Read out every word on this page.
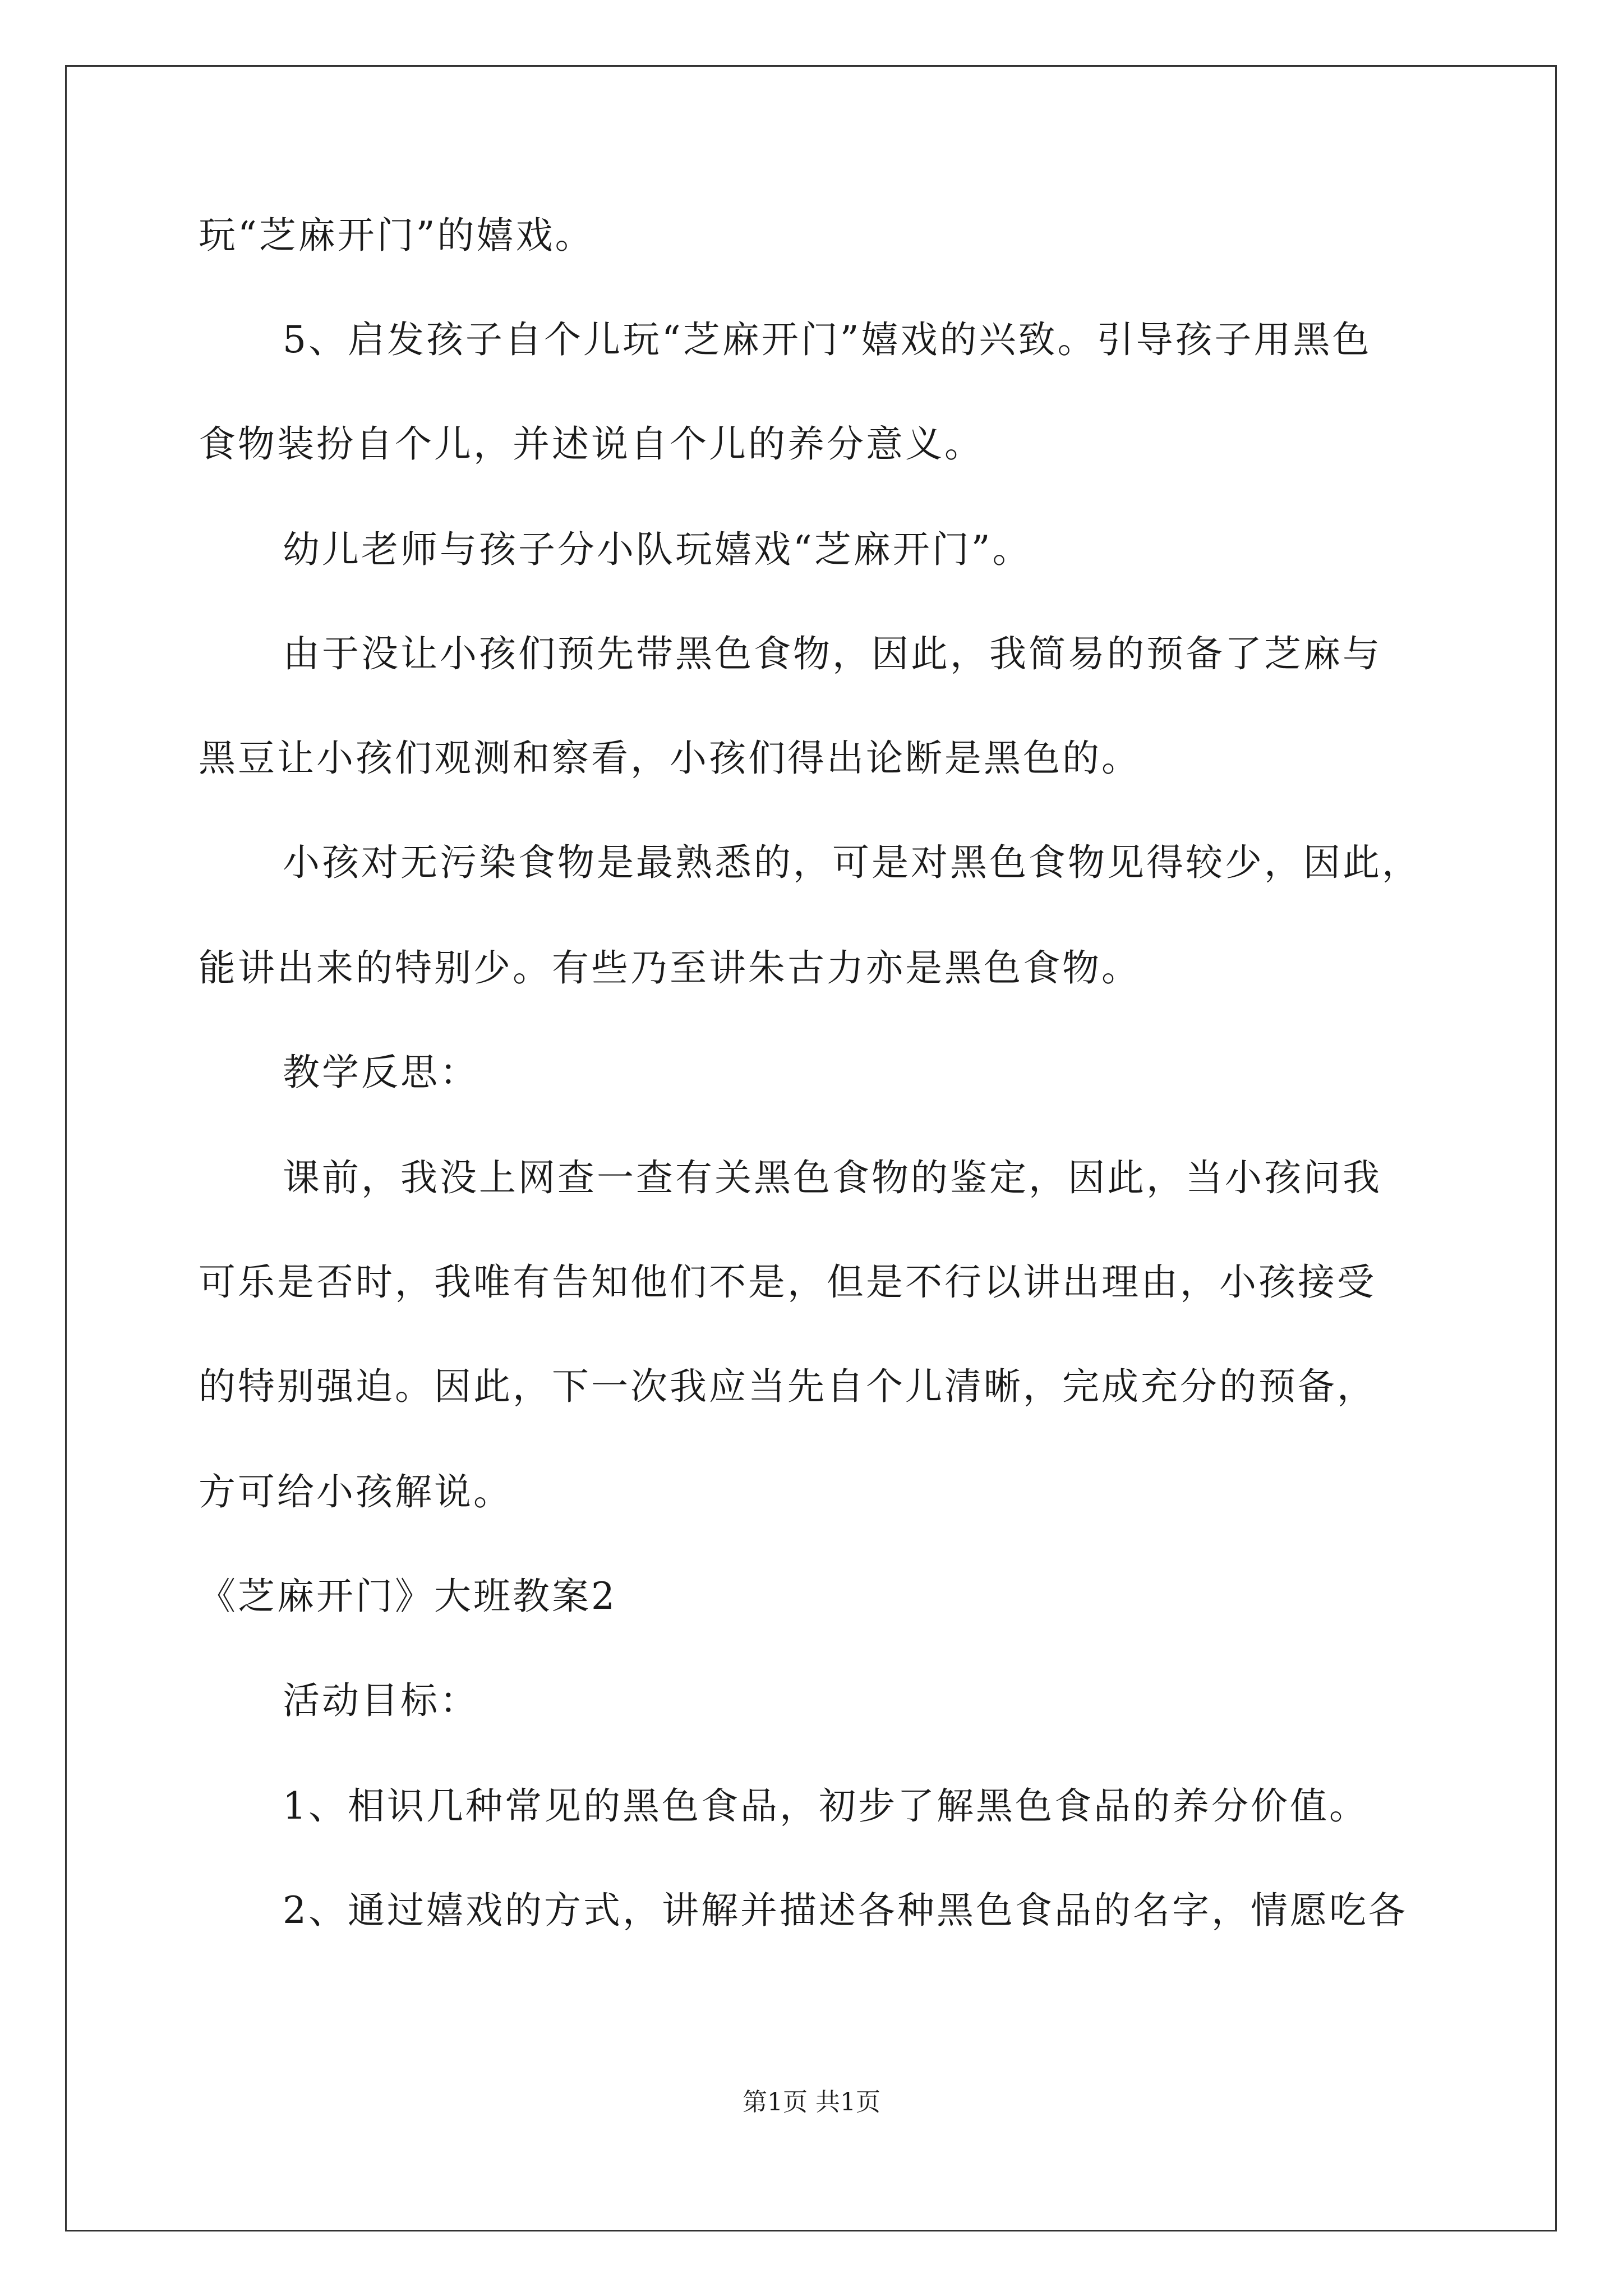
玩“芝麻开门”的嬉戏。
5、启发孩子自个儿玩“芝麻开门”嬉戏的兴致。引导孩子用黑色
食物装扮自个儿，并述说自个儿的养分意义。
幼儿老师与孩子分小队玩嬉戏“芝麻开门”。
由于没让小孩们预先带黑色食物，因此，我简易的预备了芝麻与
黑豆让小孩们观测和察看，小孩们得出论断是黑色的。
小孩对无污染食物是最熟悉的，可是对黑色食物见得较少，因此，
能讲出来的特别少。有些乃至讲朱古力亦是黑色食物。
教学反思：
课前，我没上网查一查有关黑色食物的鉴定，因此，当小孩问我
可乐是否时，我唯有告知他们不是，但是不行以讲出理由，小孩接受
的特别强迫。因此，下一次我应当先自个儿清晰，完成充分的预备，
方可给小孩解说。
《芝麻开门》大班教案2
活动目标：
1、相识几种常见的黑色食品，初步了解黑色食品的养分价值。
2、通过嬉戏的方式，讲解并描述各种黑色食品的名字，情愿吃各
第1页 共1页
